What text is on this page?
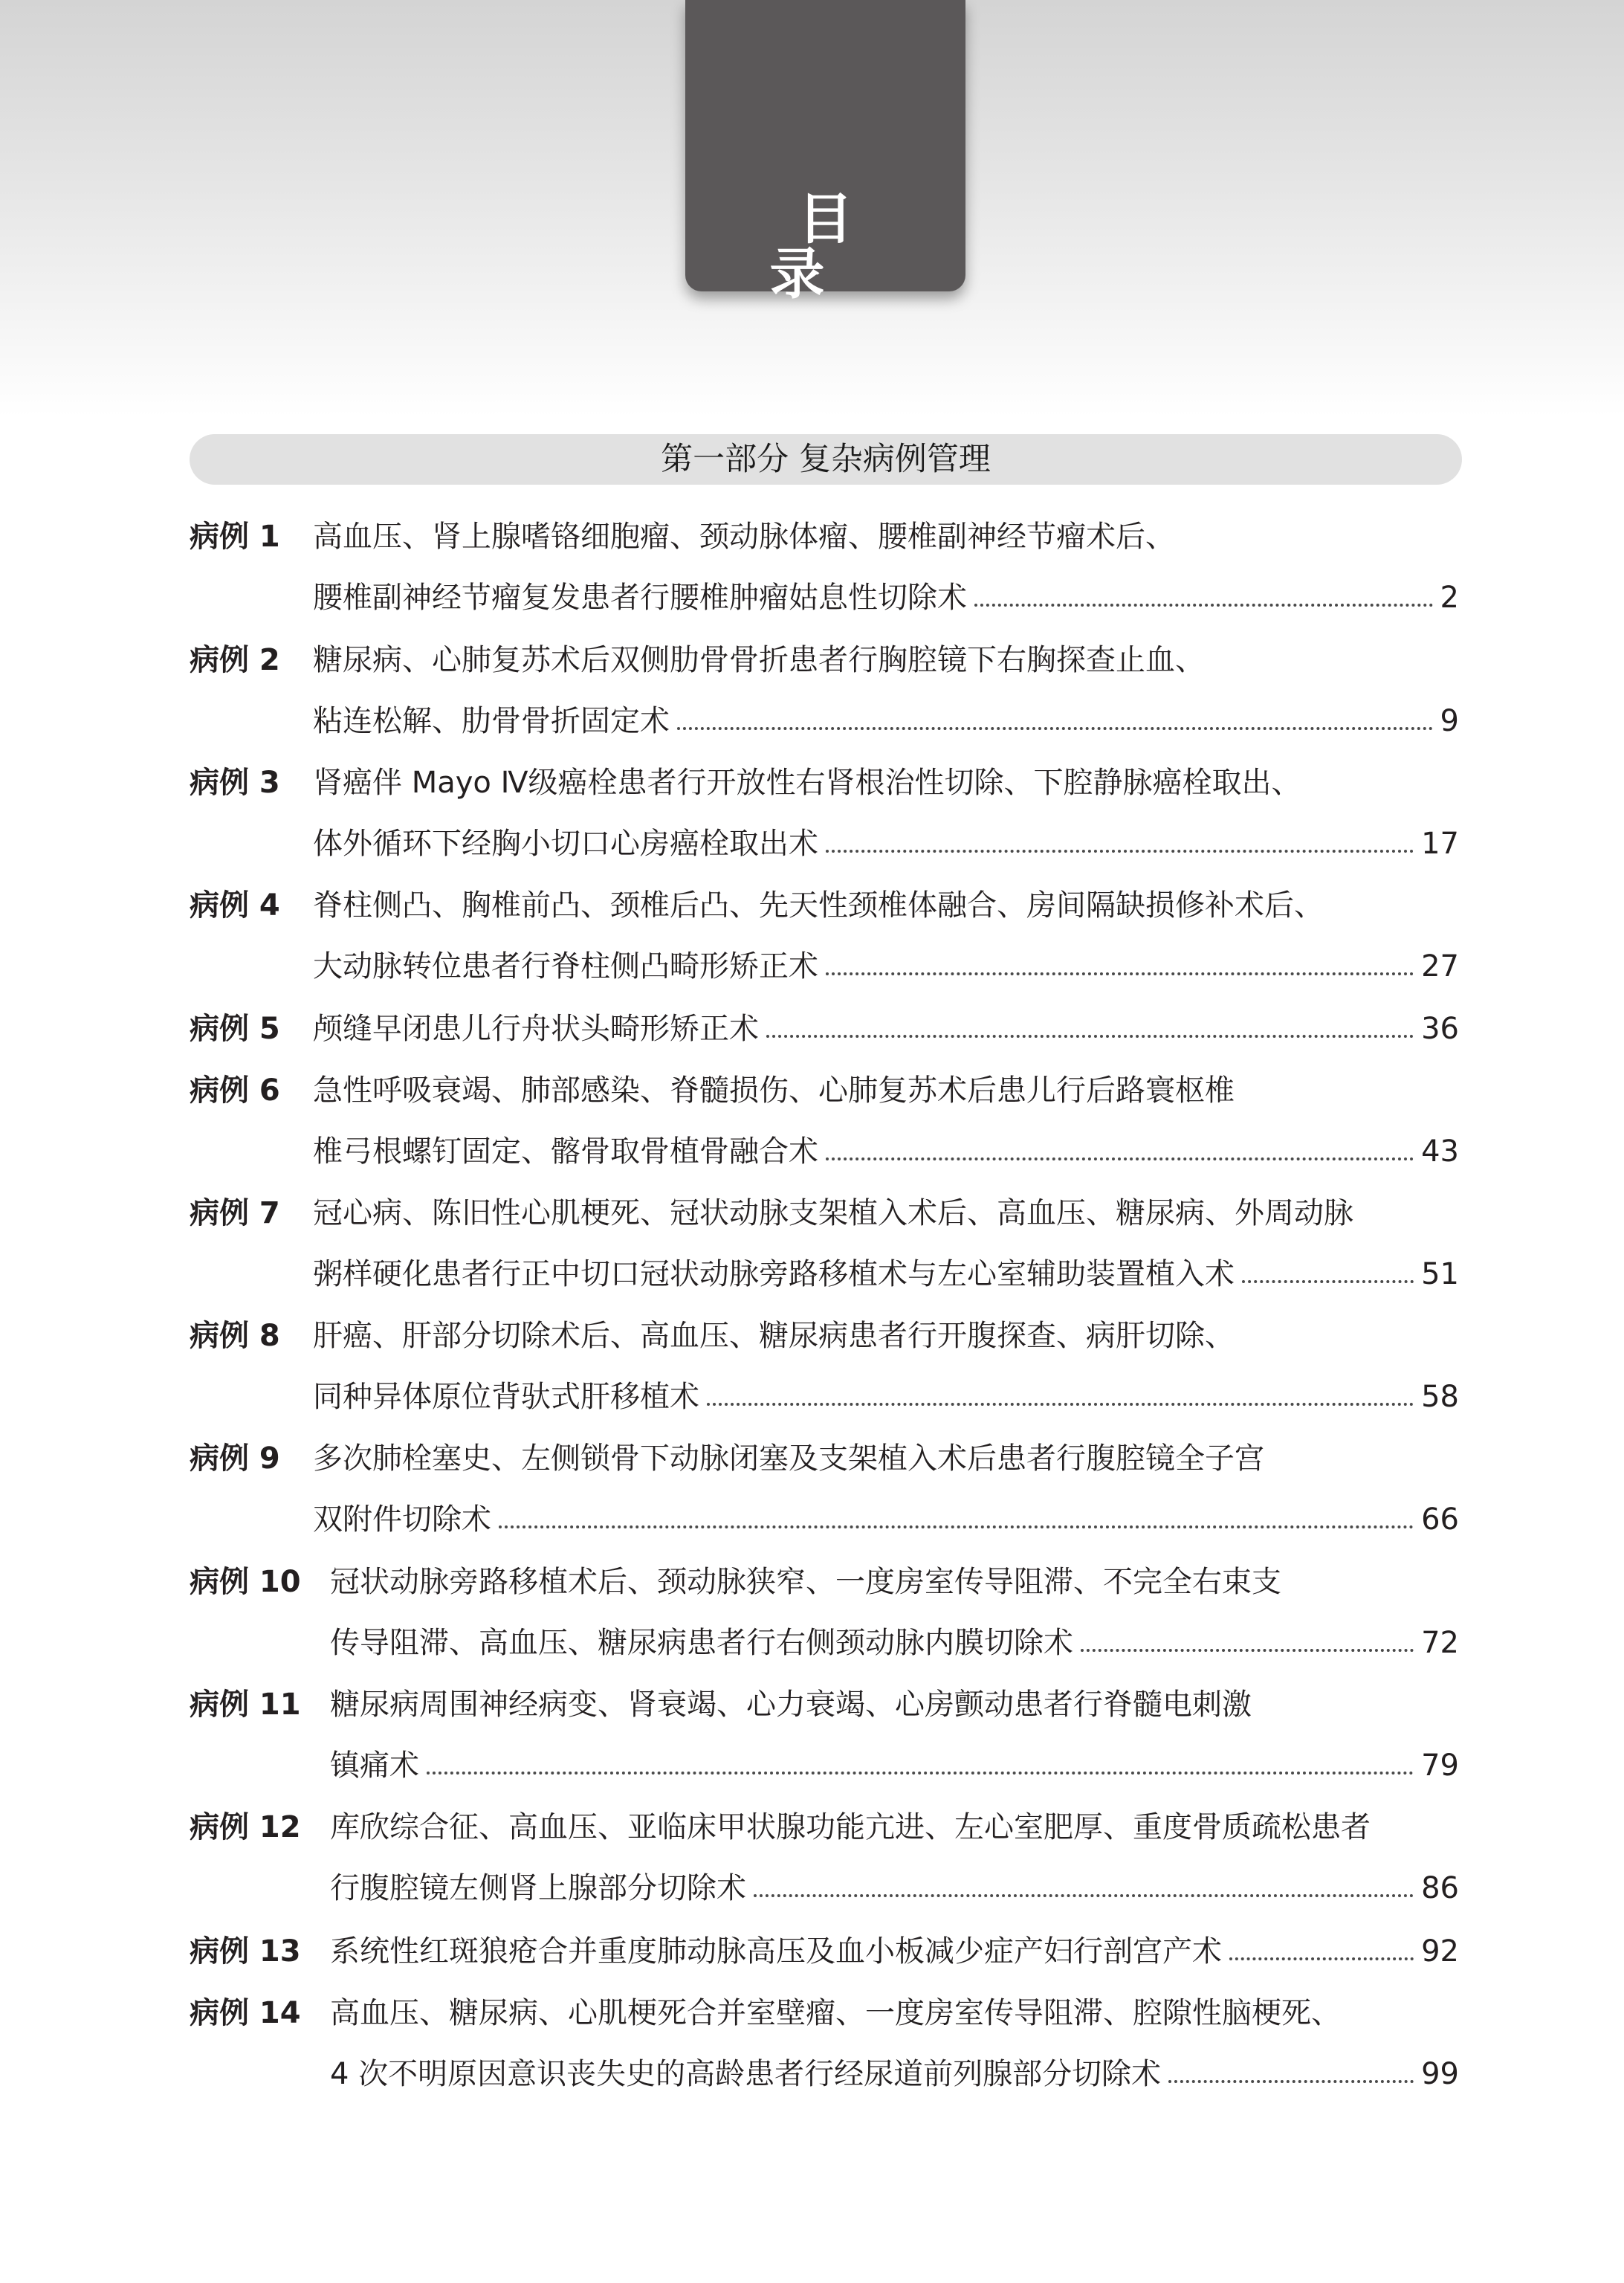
目 录
第一部分 复杂病例管理
病例 1 高血压、肾上腺嗜铬细胞瘤、颈动脉体瘤、腰椎副神经节瘤术后、
腰椎副神经节瘤复发患者行腰椎肿瘤姑息性切除术	2
病例 2 糖尿病、心肺复苏术后双侧肋骨骨折患者行胸腔镜下右胸探查止血、
粘连松解、肋骨骨折固定术	9
病例 3 肾癌伴 Mayo Ⅳ级癌栓患者行开放性右肾根治性切除、下腔静脉癌栓取出、
体外循环下经胸小切口心房癌栓取出术	17
病例 4 脊柱侧凸、胸椎前凸、颈椎后凸、先天性颈椎体融合、房间隔缺损修补术后、
大动脉转位患者行脊柱侧凸畸形矫正术	27
病例 5 颅缝早闭患儿行舟状头畸形矫正术	36
病例 6 急性呼吸衰竭、肺部感染、脊髓损伤、心肺复苏术后患儿行后路寰枢椎
椎弓根螺钉固定、髂骨取骨植骨融合术	43
病例 7 冠心病、陈旧性心肌梗死、冠状动脉支架植入术后、高血压、糖尿病、外周动脉
粥样硬化患者行正中切口冠状动脉旁路移植术与左心室辅助装置植入术	51
病例 8 肝癌、肝部分切除术后、高血压、糖尿病患者行开腹探查、病肝切除、
同种异体原位背驮式肝移植术	58
病例 9 多次肺栓塞史、左侧锁骨下动脉闭塞及支架植入术后患者行腹腔镜全子宫
双附件切除术	66
病例 10 冠状动脉旁路移植术后、颈动脉狭窄、一度房室传导阻滞、不完全右束支
传导阻滞、高血压、糖尿病患者行右侧颈动脉内膜切除术	72
病例 11 糖尿病周围神经病变、肾衰竭、心力衰竭、心房颤动患者行脊髓电刺激
镇痛术	79
病例 12 库欣综合征、高血压、亚临床甲状腺功能亢进、左心室肥厚、重度骨质疏松患者
行腹腔镜左侧肾上腺部分切除术	86
病例 13 系统性红斑狼疮合并重度肺动脉高压及血小板减少症产妇行剖宫产术	92
病例 14 高血压、糖尿病、心肌梗死合并室壁瘤、一度房室传导阻滞、腔隙性脑梗死、
4 次不明原因意识丧失史的高龄患者行经尿道前列腺部分切除术	99
